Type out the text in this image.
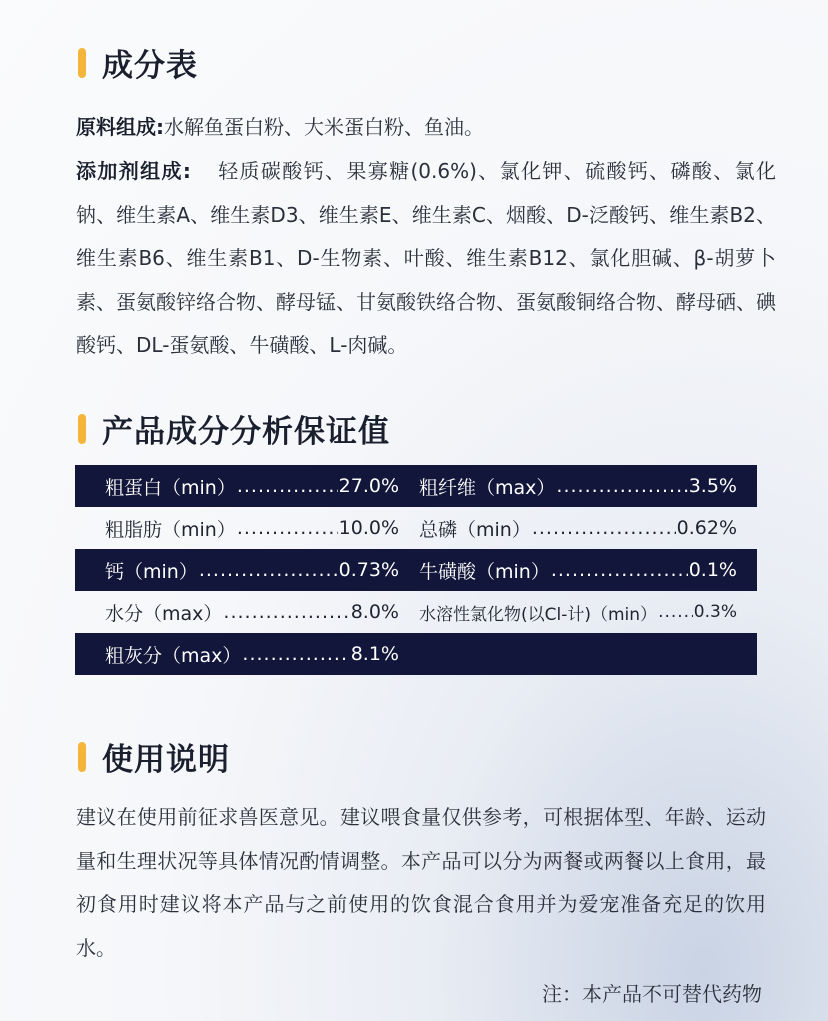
成分表
原料组成:水解鱼蛋白粉、大米蛋白粉、鱼油。
添加剂组成: 轻质碳酸钙、果寡糖(0.6%)、氯化钾、硫酸钙、磷酸、氯化钠、维生素A、维生素D3、维生素E、维生素C、烟酸、D-泛酸钙、维生素B2、维生素B6、维生素B1、D-生物素、叶酸、维生素B12、氯化胆碱、β-胡萝卜素、蛋氨酸锌络合物、酵母锰、甘氨酸铁络合物、蛋氨酸铜络合物、酵母硒、碘酸钙、DL-蛋氨酸、牛磺酸、L-肉碱。
产品成分分析保证值
粗蛋白（min） .....	27.0% 粗纤维（max） .....	3.5%
粗脂肪（min） .....	10.0% 总磷（min） .....	0.62%
钙（min） .....	0.73% 牛磺酸（min） .....	0.1%
水分（max） .....	8.0% 水溶性氯化物(以Cl-计)（min） ..... 0.3%
粗灰分（max） .....	8.1%
使用说明
建议在使用前征求兽医意见。建议喂食量仅供参考，可根据体型、年龄、运动量和生理状况等具体情况酌情调整。本产品可以分为两餐或两餐以上食用，最初食用时建议将本产品与之前使用的饮食混合食用并为爱宠准备充足的饮用水。
注：本产品不可替代药物
